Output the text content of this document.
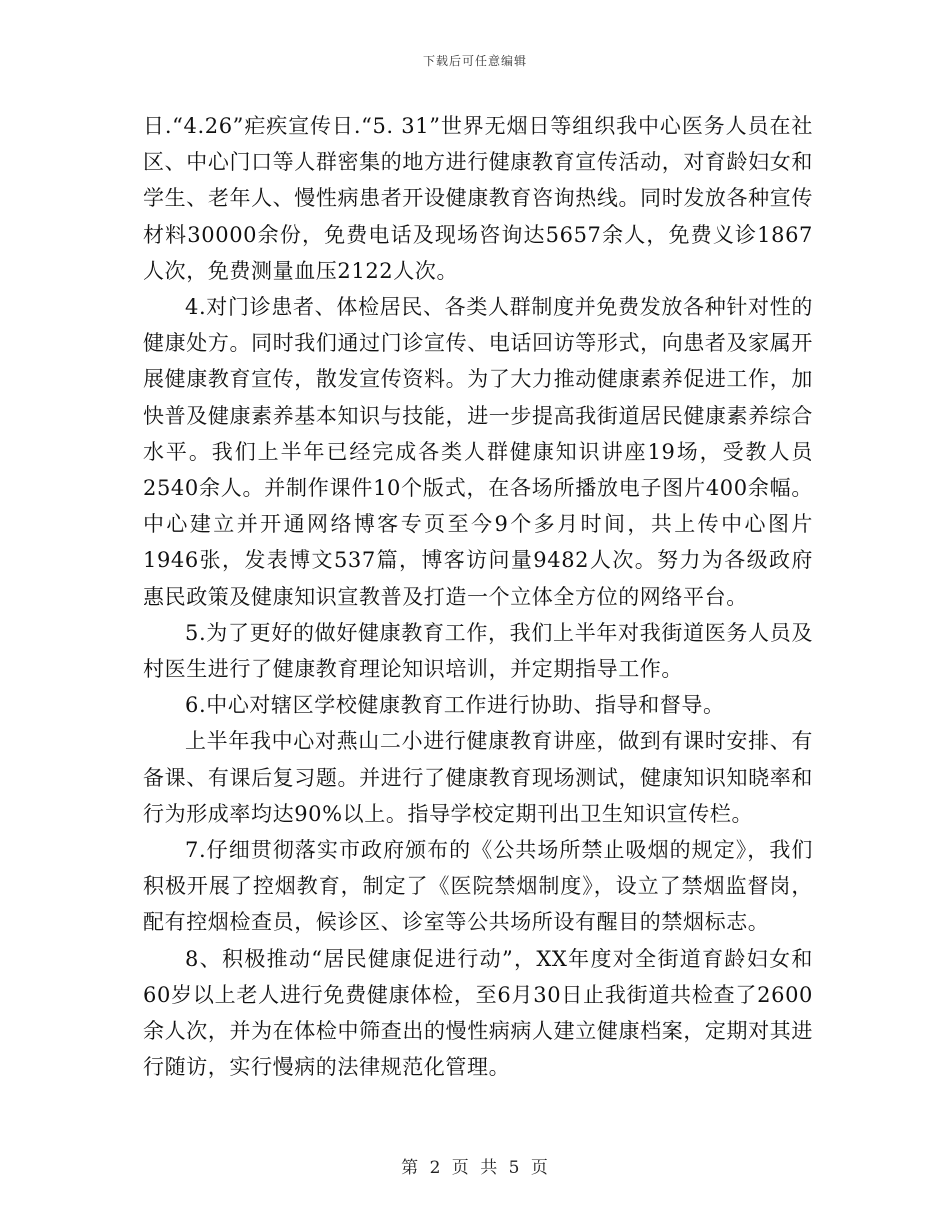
下载后可任意编辑

日.“4.26”疟疾宣传日.“5. 31”世界无烟日等组织我中心医务人员在社区、中心门口等人群密集的地方进行健康教育宣传活动，对育龄妇女和学生、老年人、慢性病患者开设健康教育咨询热线。同时发放各种宣传材料30000余份，免费电话及现场咨询达5657余人，免费义诊1867人次，免费测量血压2122人次。

4.对门诊患者、体检居民、各类人群制度并免费发放各种针对性的健康处方。同时我们通过门诊宣传、电话回访等形式，向患者及家属开展健康教育宣传，散发宣传资料。为了大力推动健康素养促进工作，加快普及健康素养基本知识与技能，进一步提高我街道居民健康素养综合水平。我们上半年已经完成各类人群健康知识讲座19场，受教人员2540余人。并制作课件10个版式，在各场所播放电子图片400余幅。中心建立并开通网络博客专页至今9个多月时间，共上传中心图片1946张，发表博文537篇，博客访问量9482人次。努力为各级政府惠民政策及健康知识宣教普及打造一个立体全方位的网络平台。

5.为了更好的做好健康教育工作，我们上半年对我街道医务人员及村医生进行了健康教育理论知识培训，并定期指导工作。

6.中心对辖区学校健康教育工作进行协助、指导和督导。

上半年我中心对燕山二小进行健康教育讲座，做到有课时安排、有备课、有课后复习题。并进行了健康教育现场测试，健康知识知晓率和行为形成率均达90%以上。指导学校定期刊出卫生知识宣传栏。

7.仔细贯彻落实市政府颁布的《公共场所禁止吸烟的规定》，我们积极开展了控烟教育，制定了《医院禁烟制度》，设立了禁烟监督岗，配有控烟检查员，候诊区、诊室等公共场所设有醒目的禁烟标志。

8、积极推动“居民健康促进行动”，XX年度对全街道育龄妇女和60岁以上老人进行免费健康体检，至6月30日止我街道共检查了2600余人次，并为在体检中筛查出的慢性病病人建立健康档案，定期对其进行随访，实行慢病的法律规范化管理。

第 2 页 共 5 页
